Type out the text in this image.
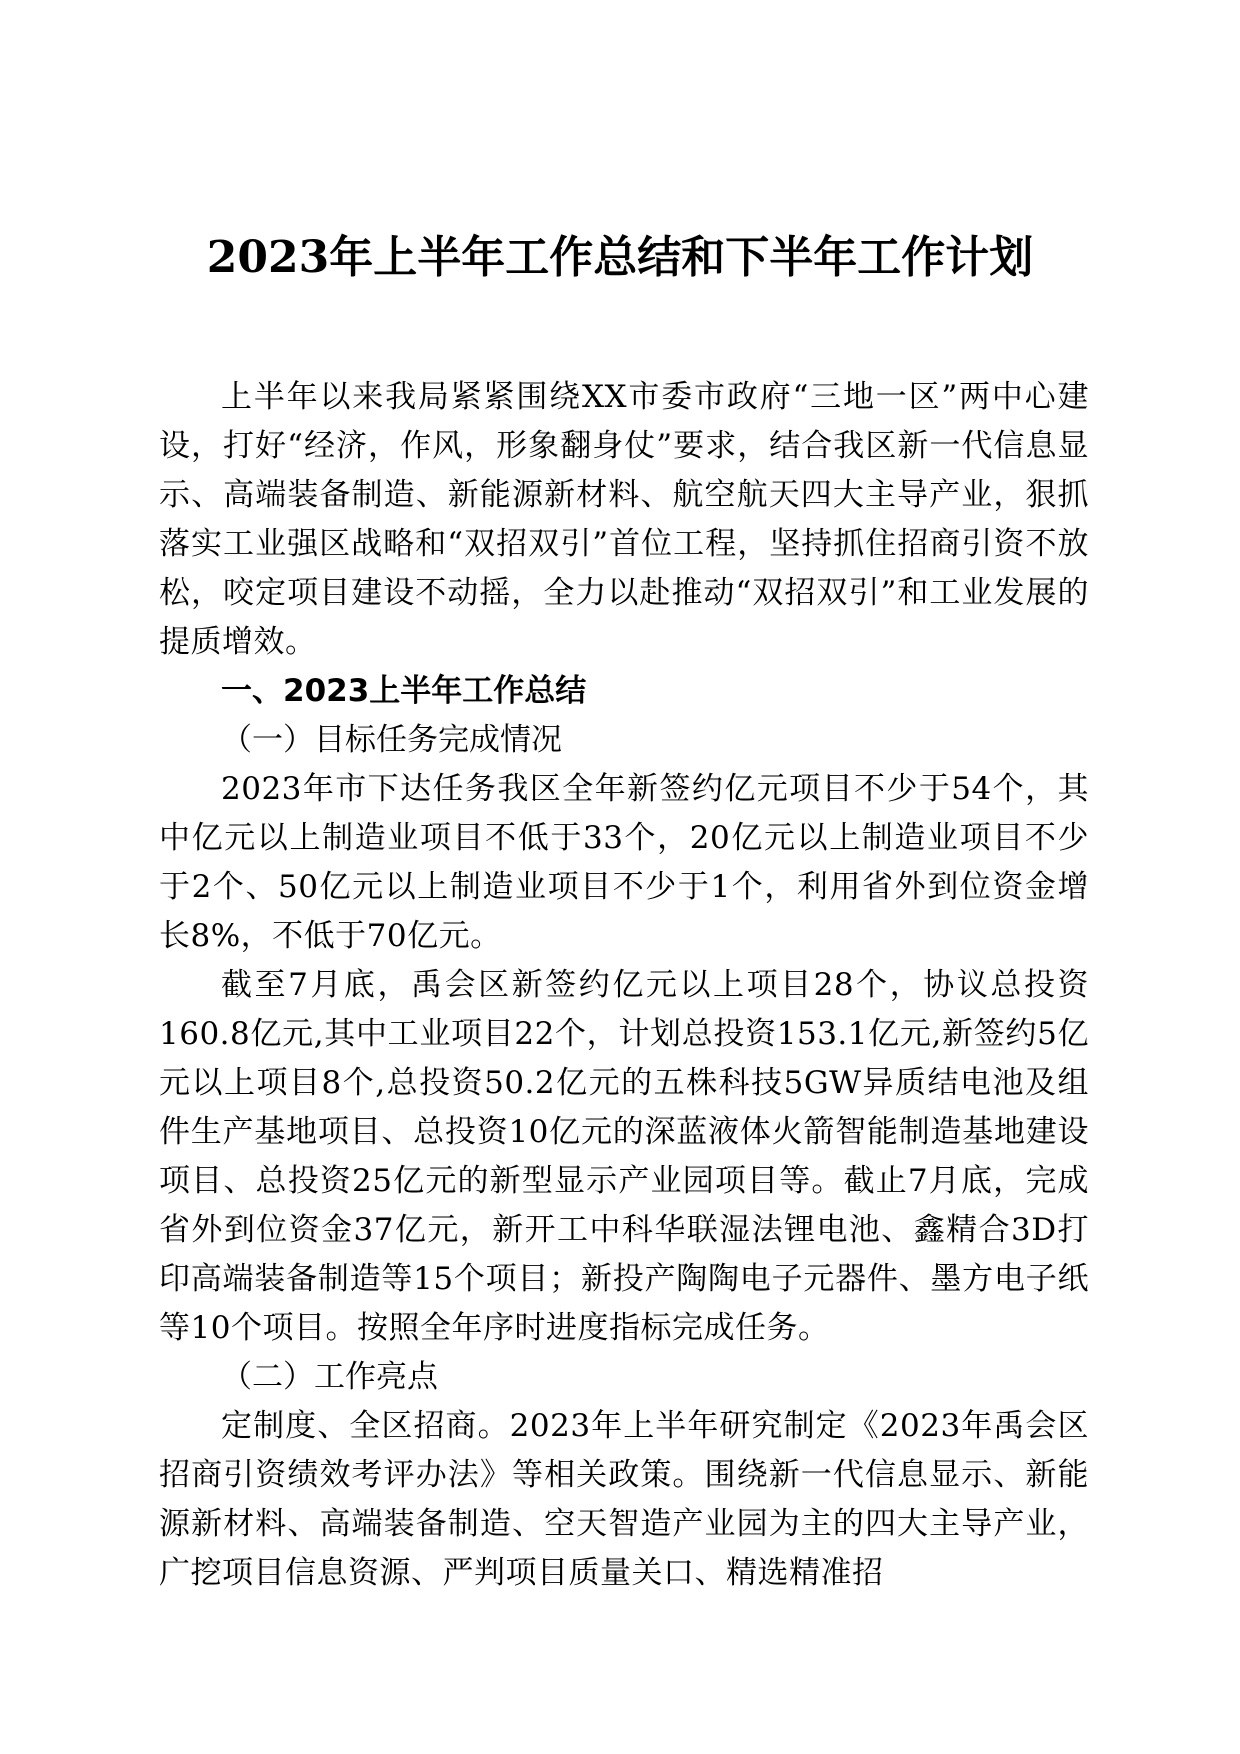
2023年上半年工作总结和下半年工作计划

上半年以来我局紧紧围绕XX市委市政府“三地一区”两中心建设，打好“经济，作风，形象翻身仗”要求，结合我区新一代信息显示、高端装备制造、新能源新材料、航空航天四大主导产业，狠抓落实工业强区战略和“双招双引”首位工程，坚持抓住招商引资不放松，咬定项目建设不动摇，全力以赴推动“双招双引”和工业发展的提质增效。

一、2023上半年工作总结

（一）目标任务完成情况

2023年市下达任务我区全年新签约亿元项目不少于54个，其中亿元以上制造业项目不低于33个，20亿元以上制造业项目不少于2个、50亿元以上制造业项目不少于1个，利用省外到位资金增长8%，不低于70亿元。

截至7月底，禹会区新签约亿元以上项目28个，协议总投资160.8亿元,其中工业项目22个，计划总投资153.1亿元,新签约5亿元以上项目8个,总投资50.2亿元的五株科技5GW异质结电池及组件生产基地项目、总投资10亿元的深蓝液体火箭智能制造基地建设项目、总投资25亿元的新型显示产业园项目等。截止7月底，完成省外到位资金37亿元，新开工中科华联湿法锂电池、鑫精合3D打印高端装备制造等15个项目；新投产陶陶电子元器件、墨方电子纸等10个项目。按照全年序时进度指标完成任务。

（二）工作亮点

定制度、全区招商。2023年上半年研究制定《2023年禹会区招商引资绩效考评办法》等相关政策。围绕新一代信息显示、新能源新材料、高端装备制造、空天智造产业园为主的四大主导产业，广挖项目信息资源、严判项目质量关口、精选精准招
